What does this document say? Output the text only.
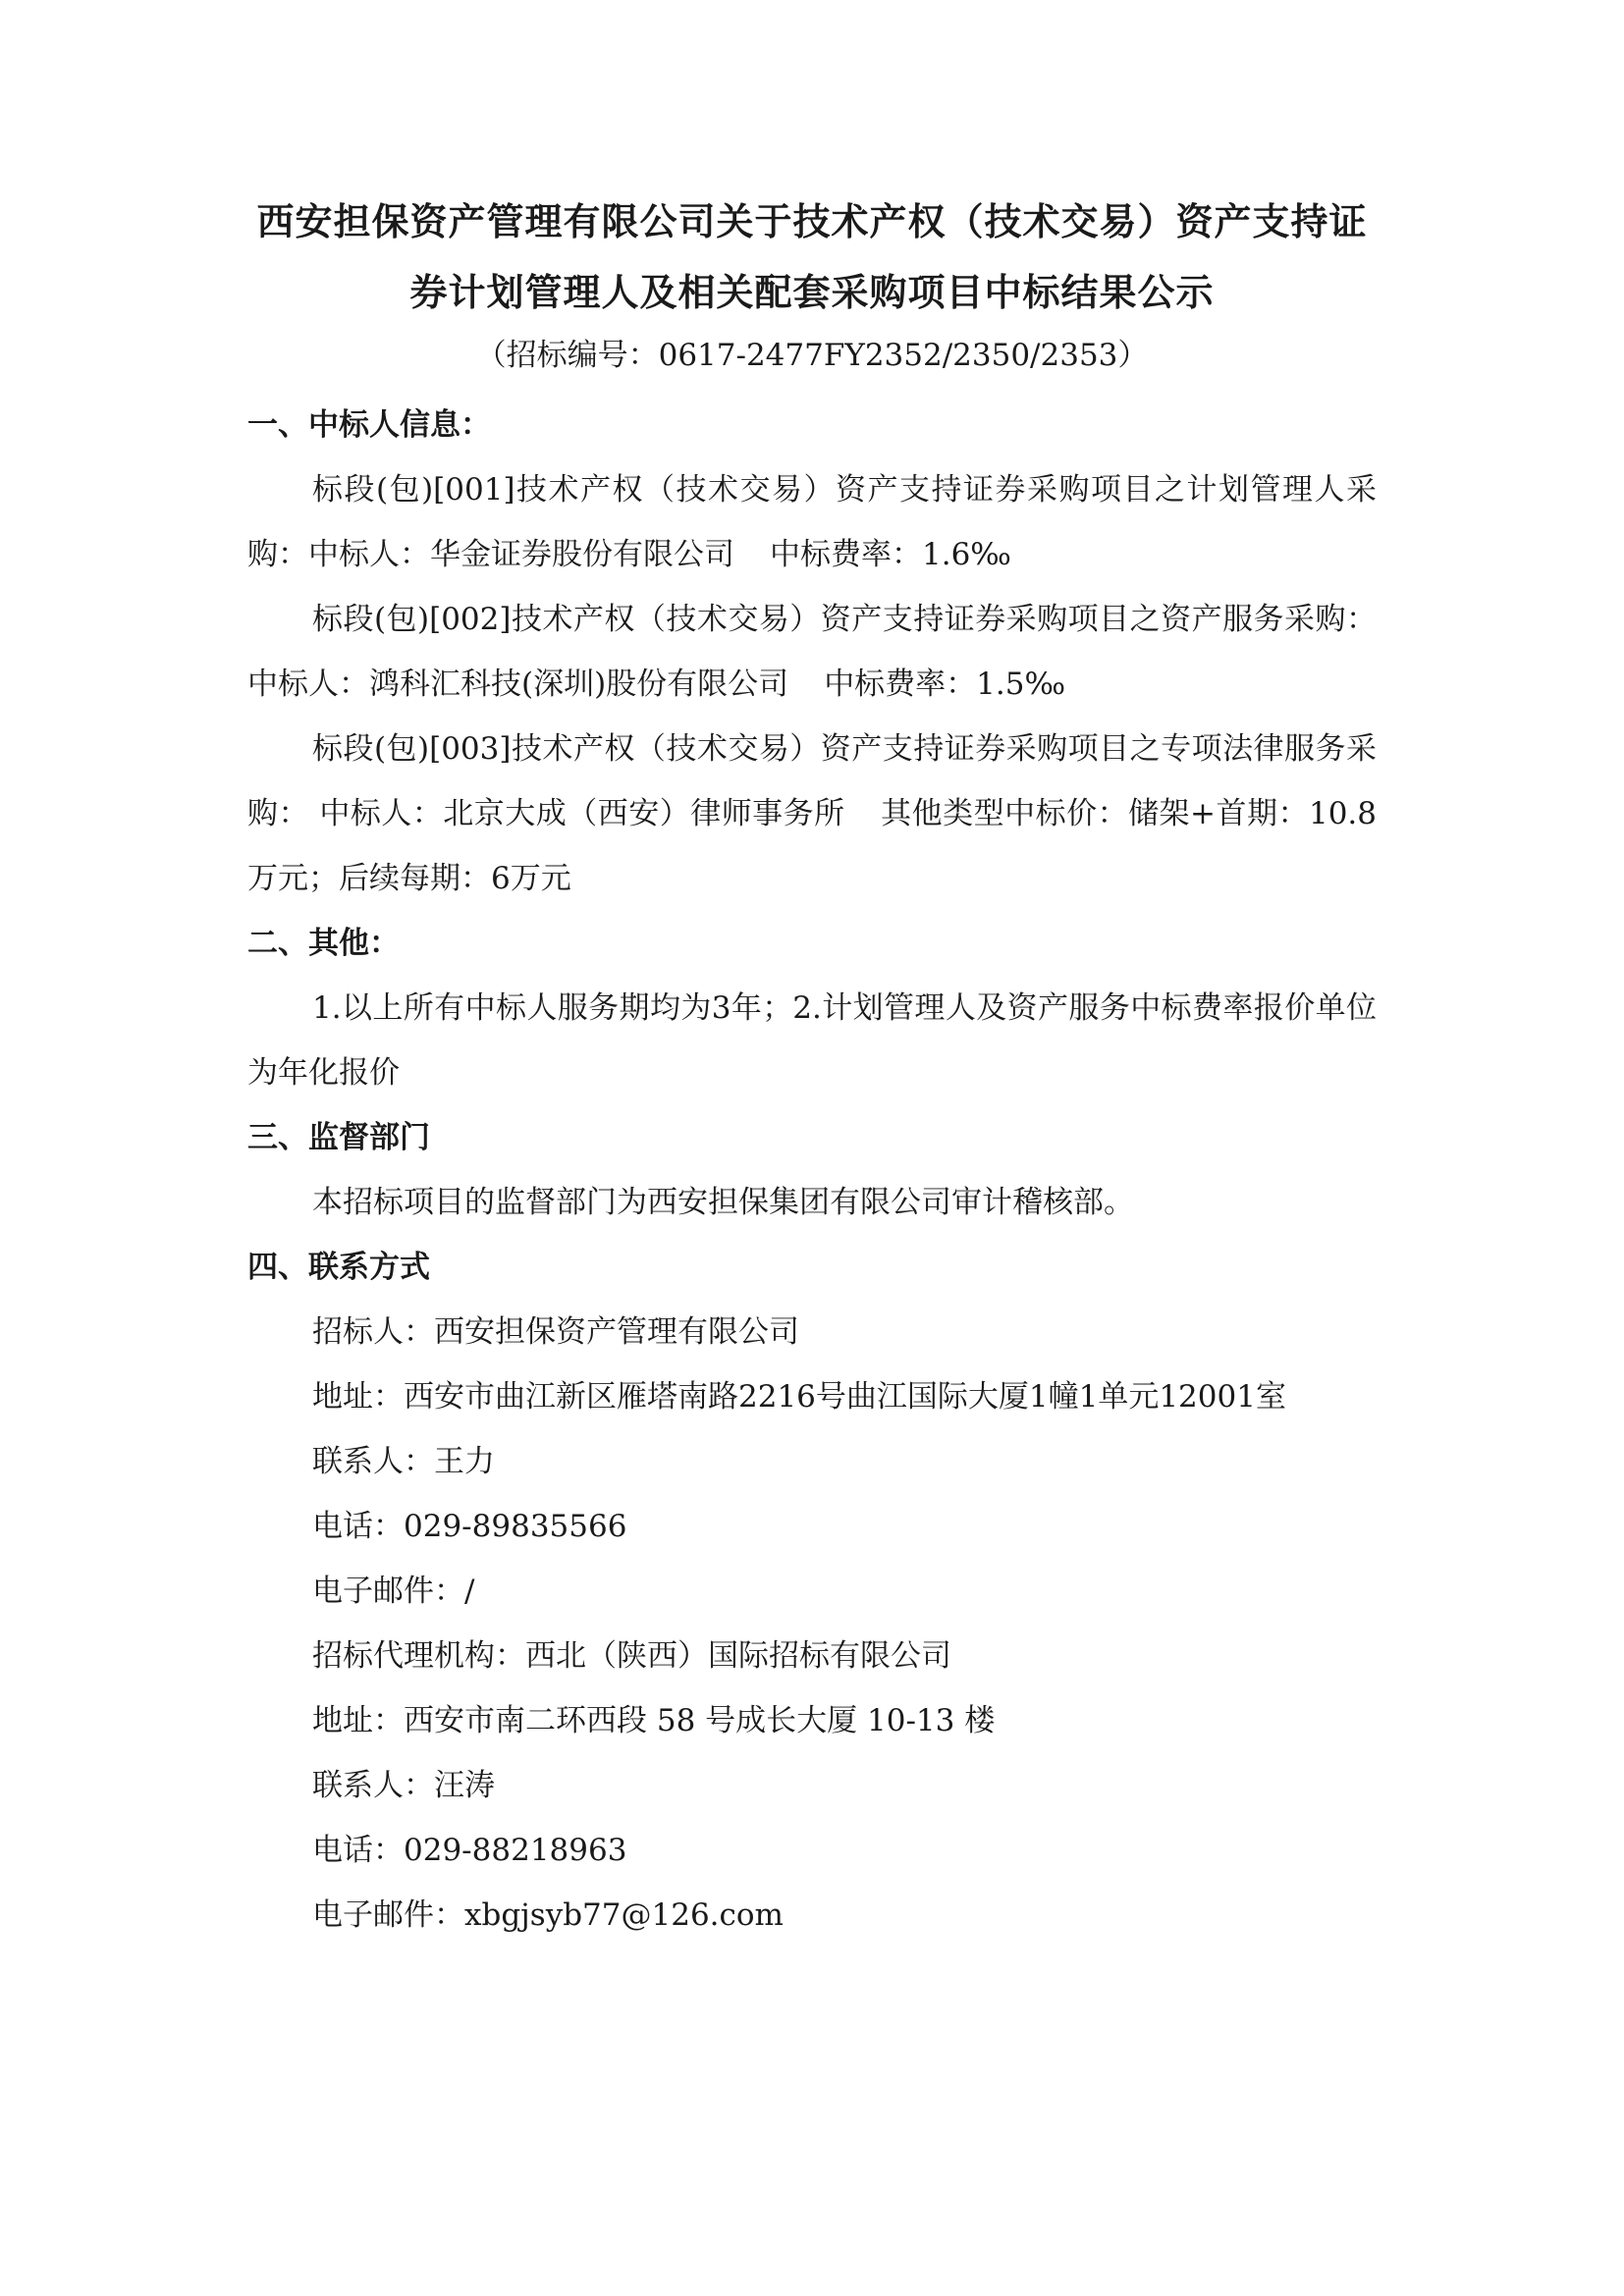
西安担保资产管理有限公司关于技术产权（技术交易）资产支持证
券计划管理人及相关配套采购项目中标结果公示

（招标编号：0617-2477FY2352/2350/2353）

一、中标人信息：

标段(包)[001]技术产权（技术交易）资产支持证券采购项目之计划管理人采购：中标人：华金证券股份有限公司 中标费率：1.6‰

标段(包)[002]技术产权（技术交易）资产支持证券采购项目之资产服务采购：中标人：鸿科汇科技(深圳)股份有限公司 中标费率：1.5‰

标段(包)[003]技术产权（技术交易）资产支持证券采购项目之专项法律服务采购： 中标人：北京大成（西安）律师事务所 其他类型中标价：储架+首期：10.8万元；后续每期：6万元

二、其他：

1.以上所有中标人服务期均为3年；2.计划管理人及资产服务中标费率报价单位为年化报价

三、监督部门

本招标项目的监督部门为西安担保集团有限公司审计稽核部。

四、联系方式

招标人：西安担保资产管理有限公司

地址：西安市曲江新区雁塔南路2216号曲江国际大厦1幢1单元12001室

联系人：王力

电话：029-89835566

电子邮件：/

招标代理机构：西北（陕西）国际招标有限公司

地址：西安市南二环西段 58 号成长大厦 10-13 楼

联系人：汪涛

电话：029-88218963

电子邮件：xbgjsyb77@126.com
